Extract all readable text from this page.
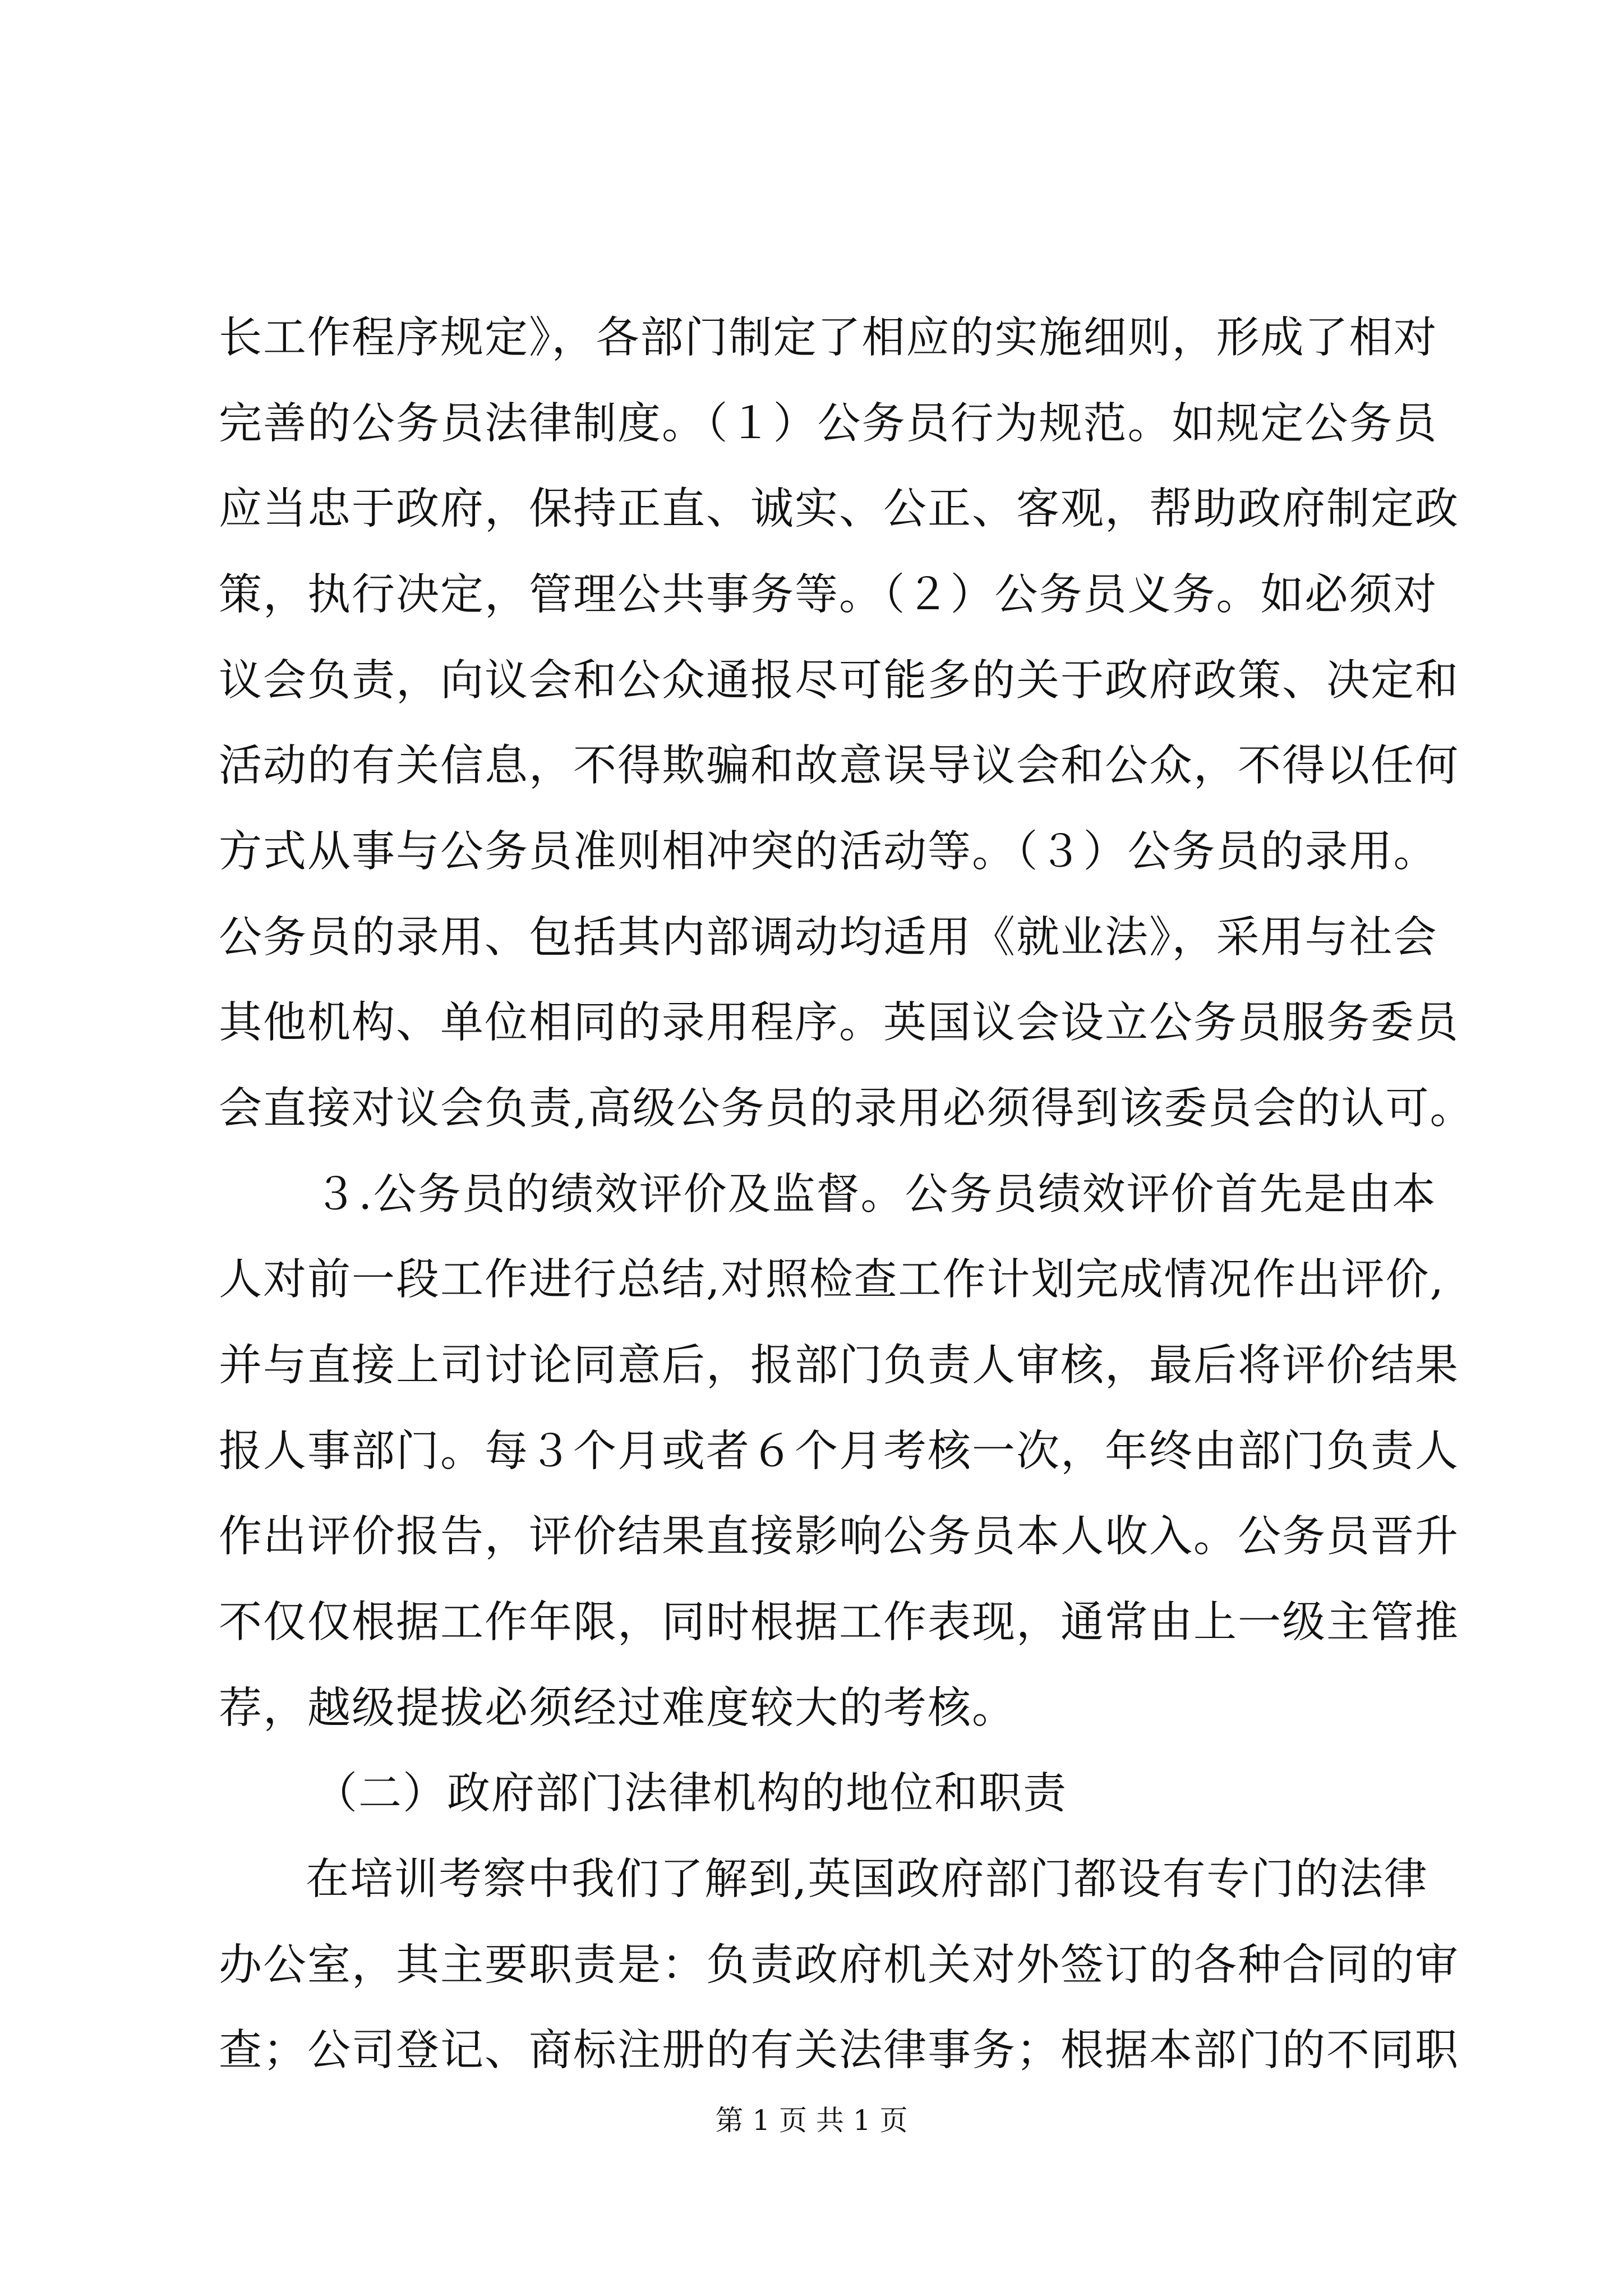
长工作程序规定》，各部门制定了相应的实施细则，形成了相对
完善的公务员法律制度。（１）公务员行为规范。如规定公务员
应当忠于政府，保持正直、诚实、公正、客观，帮助政府制定政
策，执行决定，管理公共事务等。（２）公务员义务。如必须对
议会负责，向议会和公众通报尽可能多的关于政府政策、决定和
活动的有关信息，不得欺骗和故意误导议会和公众，不得以任何
方式从事与公务员准则相冲突的活动等。（３）公务员的录用。
公务员的录用、包括其内部调动均适用《就业法》，采用与社会
其他机构、单位相同的录用程序。英国议会设立公务员服务委员
会直接对议会负责,高级公务员的录用必须得到该委员会的认可。
３.公务员的绩效评价及监督。公务员绩效评价首先是由本
人对前一段工作进行总结,对照检查工作计划完成情况作出评价,
并与直接上司讨论同意后，报部门负责人审核，最后将评价结果
报人事部门。每３个月或者６个月考核一次，年终由部门负责人
作出评价报告，评价结果直接影响公务员本人收入。公务员晋升
不仅仅根据工作年限，同时根据工作表现，通常由上一级主管推
荐，越级提拔必须经过难度较大的考核。
（二）政府部门法律机构的地位和职责
在培训考察中我们了解到,英国政府部门都设有专门的法律
办公室，其主要职责是：负责政府机关对外签订的各种合同的审
查；公司登记、商标注册的有关法律事务；根据本部门的不同职
第 1 页 共 1 页
